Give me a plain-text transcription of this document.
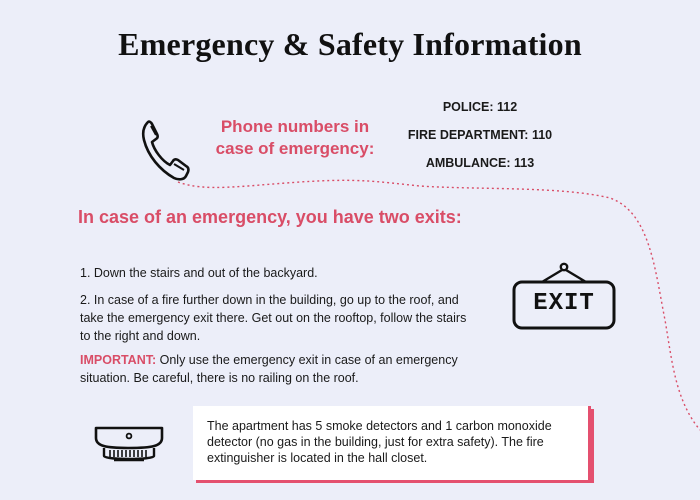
Emergency & Safety Information
Phone numbers in case of emergency:
POLICE: 112
FIRE DEPARTMENT: 110
AMBULANCE: 113
In case of an emergency, you have two exits:
1. Down the stairs and out of the backyard.
2. In case of a fire further down in the building, go up to the roof, and take the emergency exit there. Get out on the rooftop, follow the stairs to the right and down.
IMPORTANT: Only use the emergency exit in case of an emergency situation. Be careful, there is no railing on the roof.
EXIT
The apartment has 5 smoke detectors and 1 carbon monoxide detector (no gas in the building, just for extra safety). The fire extinguisher is located in the hall closet.
